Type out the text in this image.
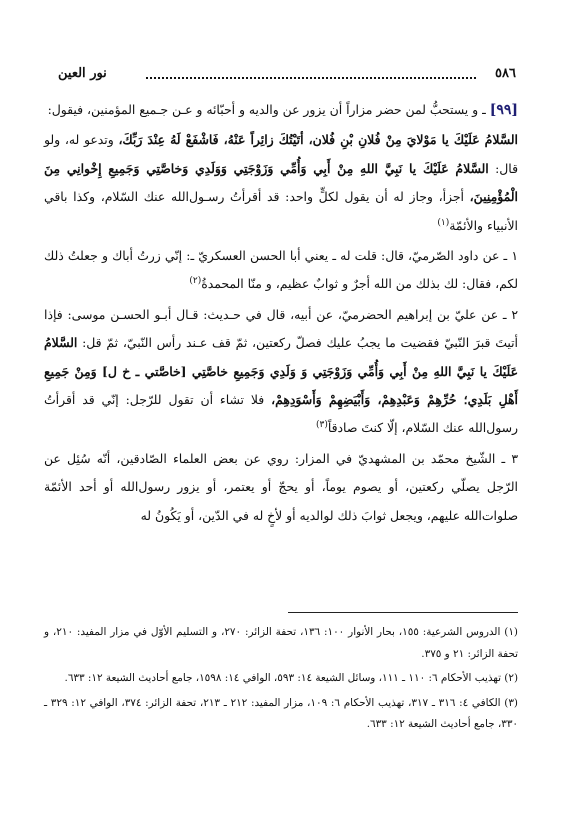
٥٨٦
نور العين

[٩٩] ـ و يستحبُّ لمن حضر مزاراً أن يزور عن والديه و أحبّائه و عـن جـميع المؤمنين، فيقول:

السَّلامُ عَلَيْكَ يا مَوْلايَ مِنْ فُلانِ بْنِ فُلان، أتَيْتُكَ زائِراً عَنْهُ، فَاشْفَعْ لَهُ عِنْدَ رَبِّكَ، وتدعو له، ولو قال: السَّلامُ عَلَيْكَ يا نَبِيَّ اللهِ مِنْ أَبِي وَأُمِّي وَزَوْجَتِي وَوَلَدِي وَخاصَّتِي وَجَمِيعِ إِخْوانِي مِنَ الْمُؤْمِنِينَ، أجزأ، وجاز له أن يقول لكلٍّ واحد: قد أقرأتُ رسـول‌الله عنك السّلام، وكذا باقي الأنبياء والأئمّة$^{(١)}$

١ ـ عن داود الصّرميّ، قال: قلت له ـ يعني أبا الحسن العسكريّ ـ: إنّي زرتُ أباك و جعلتُ ذلك لكم، فقال: لك بذلك من الله أجرٌ و ثوابٌ عظيم، و منّا المحمدةُ$^{(٢)}$

٢ ـ عن عليّ بن إبراهيم الحضرميّ، عن أبيه، قال في حـديث: قـال أبـو الحسـن موسى: فإذا أتيتَ قبرَ النّبيّ فقضيت ما يجبُ عليك فصلّ ركعتين، ثمّ قف عـند رأس النّبيّ، ثمّ قل: السَّلامُ عَلَيْكَ يا نَبِيَّ اللهِ مِنْ أَبِي وَأُمِّي وَزَوْجَتِي وَ وَلَدِي وَجَمِيعِ خاصَّتِي [خاصَّتي ـ خ ل] وَمِنْ جَمِيعِ أَهْلِ بَلَدِي؛ حُرِّهِمْ وَعَبْدِهِمْ، وَأَبْيَضِهِمْ وَأَسْوَدِهِمْ، فلا تشاء أن تقول للرّجل: إنّي قد أقرأتُ رسول‌الله عنك السّلام، إلّا كنتَ صادقاً$^{(٣)}$

٣ ـ الشّيخ محمّد بن المشهديّ في المزار: روي عن بعض العلماء الصّادقين، أنّه سُئِل عن الرّجل يصلّي ركعتين، أو يصوم يوماً، أو يحجّ أو يعتمر، أو يزور رسول‌الله أو أحد الأئمّة صلوات‌الله عليهم، ويجعل ثوابَ ذلك لوالديه أو لأخٍ له في الدّين، أو يَكُونُ له

(١) الدروس الشرعية: ١٥٥، بحار الأنوار ١٠٠: ١٣٦، تحفة الزائر: ٢٧٠، و التسليم الأوّل في مزار المفيد: ٢١٠، و تحفة الزائر: ٢١ و ٣٧٥.

(٢) تهذيب الأحكام ٦: ١١٠ ـ ١١١، وسائل الشيعة ١٤: ٥٩٣، الوافي ١٤: ١٥٩٨، جامع أحاديث الشيعة ١٢: ٦٣٣.

(٣) الكافي ٤: ٣١٦ ـ ٣١٧، تهذيب الأحكام ٦: ١٠٩، مزار المفيد: ٢١٢ ـ ٢١٣، تحفة الزائر: ٣٧٤، الوافي ١٢: ٣٢٩ ـ ٣٣٠، جامع أحاديث الشيعة ١٢: ٦٣٣.
